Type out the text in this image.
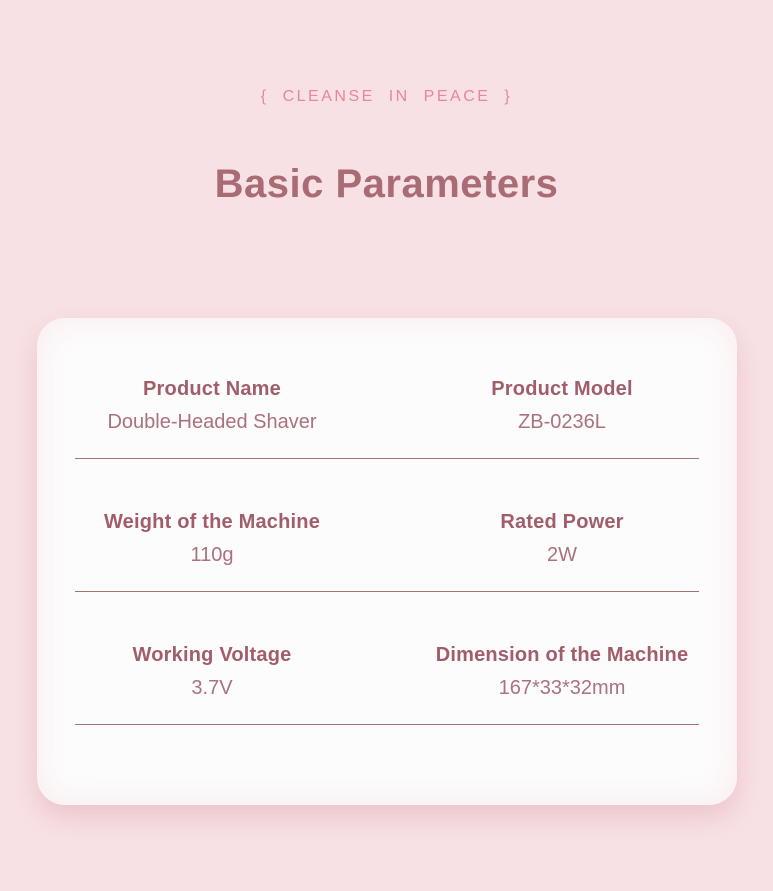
{ CLEANSE IN PEACE }
Basic Parameters
Product Name
Double-Headed Shaver
Product Model
ZB-0236L
Weight of the Machine
110g
Rated Power
2W
Working Voltage
3.7V
Dimension of the Machine
167*33*32mm
